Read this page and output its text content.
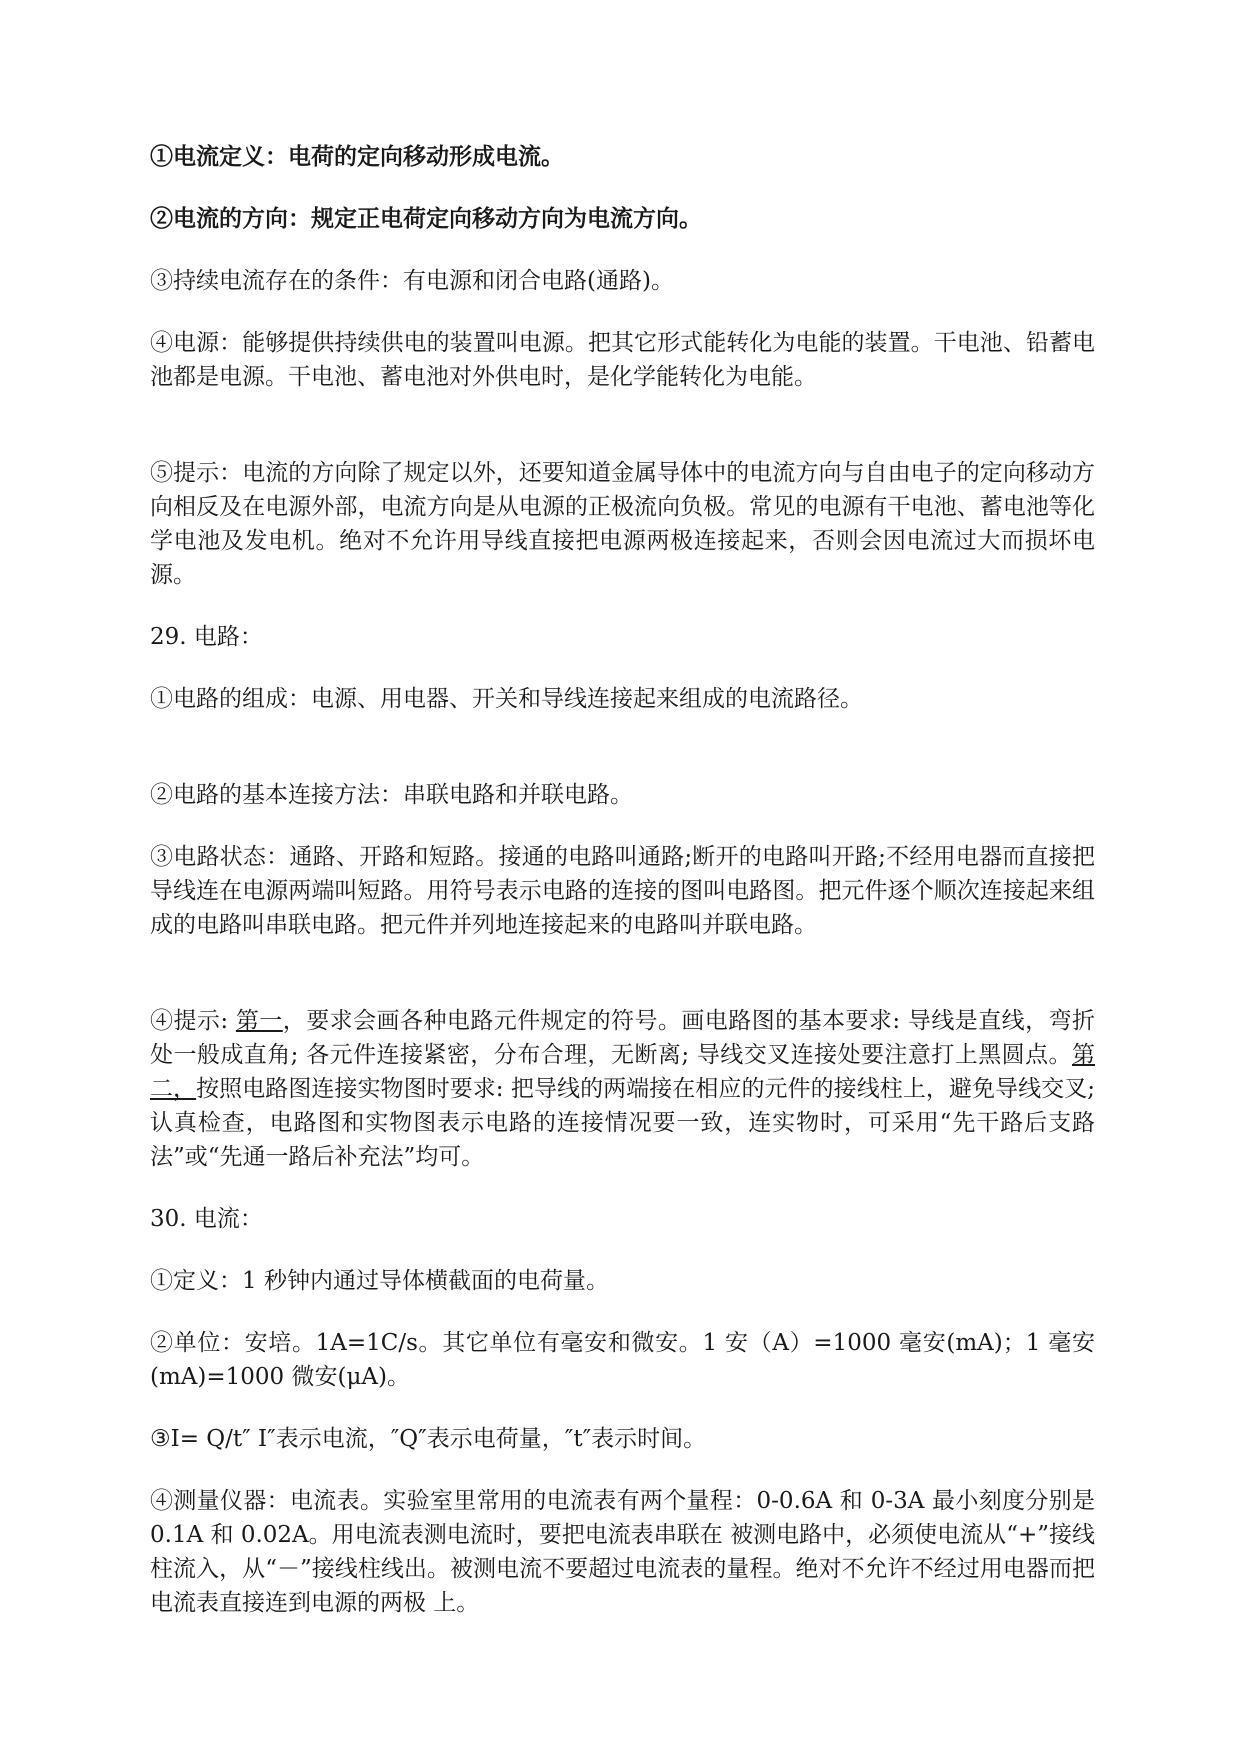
①电流定义：电荷的定向移动形成电流。

②电流的方向：规定正电荷定向移动方向为电流方向。

③持续电流存在的条件：有电源和闭合电路(通路)。

④电源：能够提供持续供电的装置叫电源。把其它形式能转化为电能的装置。干电池、铅蓄电池都是电源。干电池、蓄电池对外供电时，是化学能转化为电能。

⑤提示：电流的方向除了规定以外，还要知道金属导体中的电流方向与自由电子的定向移动方向相反及在电源外部，电流方向是从电源的正极流向负极。常见的电源有干电池、蓄电池等化学电池及发电机。绝对不允许用导线直接把电源两极连接起来，否则会因电流过大而损坏电源。

29. 电路：

①电路的组成：电源、用电器、开关和导线连接起来组成的电流路径。

②电路的基本连接方法：串联电路和并联电路。

③电路状态：通路、开路和短路。接通的电路叫通路;断开的电路叫开路;不经用电器而直接把导线连在电源两端叫短路。用符号表示电路的连接的图叫电路图。把元件逐个顺次连接起来组成的电路叫串联电路。把元件并列地连接起来的电路叫并联电路。

④提示: 第一，要求会画各种电路元件规定的符号。画电路图的基本要求: 导线是直线，弯折处一般成直角; 各元件连接紧密，分布合理，无断离; 导线交叉连接处要注意打上黑圆点。第二，按照电路图连接实物图时要求: 把导线的两端接在相应的元件的接线柱上，避免导线交叉; 认真检查，电路图和实物图表示电路的连接情况要一致，连实物时，可采用“先干路后支路法”或“先通一路后补充法”均可。

30. 电流：

①定义：1 秒钟内通过导体横截面的电荷量。

②单位：安培。1A=1C/s。其它单位有毫安和微安。1 安（A）=1000 毫安(mA)；1 毫安(mA)=1000 微安(μA)。

③I= Q/t″ I″表示电流，″Q″表示电荷量，″t″表示时间。

④测量仪器：电流表。实验室里常用的电流表有两个量程：0-0.6A 和 0-3A 最小刻度分别是 0.1A 和 0.02A。用电流表测电流时，要把电流表串联在 被测电路中，必须使电流从“+”接线柱流入，从“－”接线柱线出。被测电流不要超过电流表的量程。绝对不允许不经过用电器而把电流表直接连到电源的两极 上。
